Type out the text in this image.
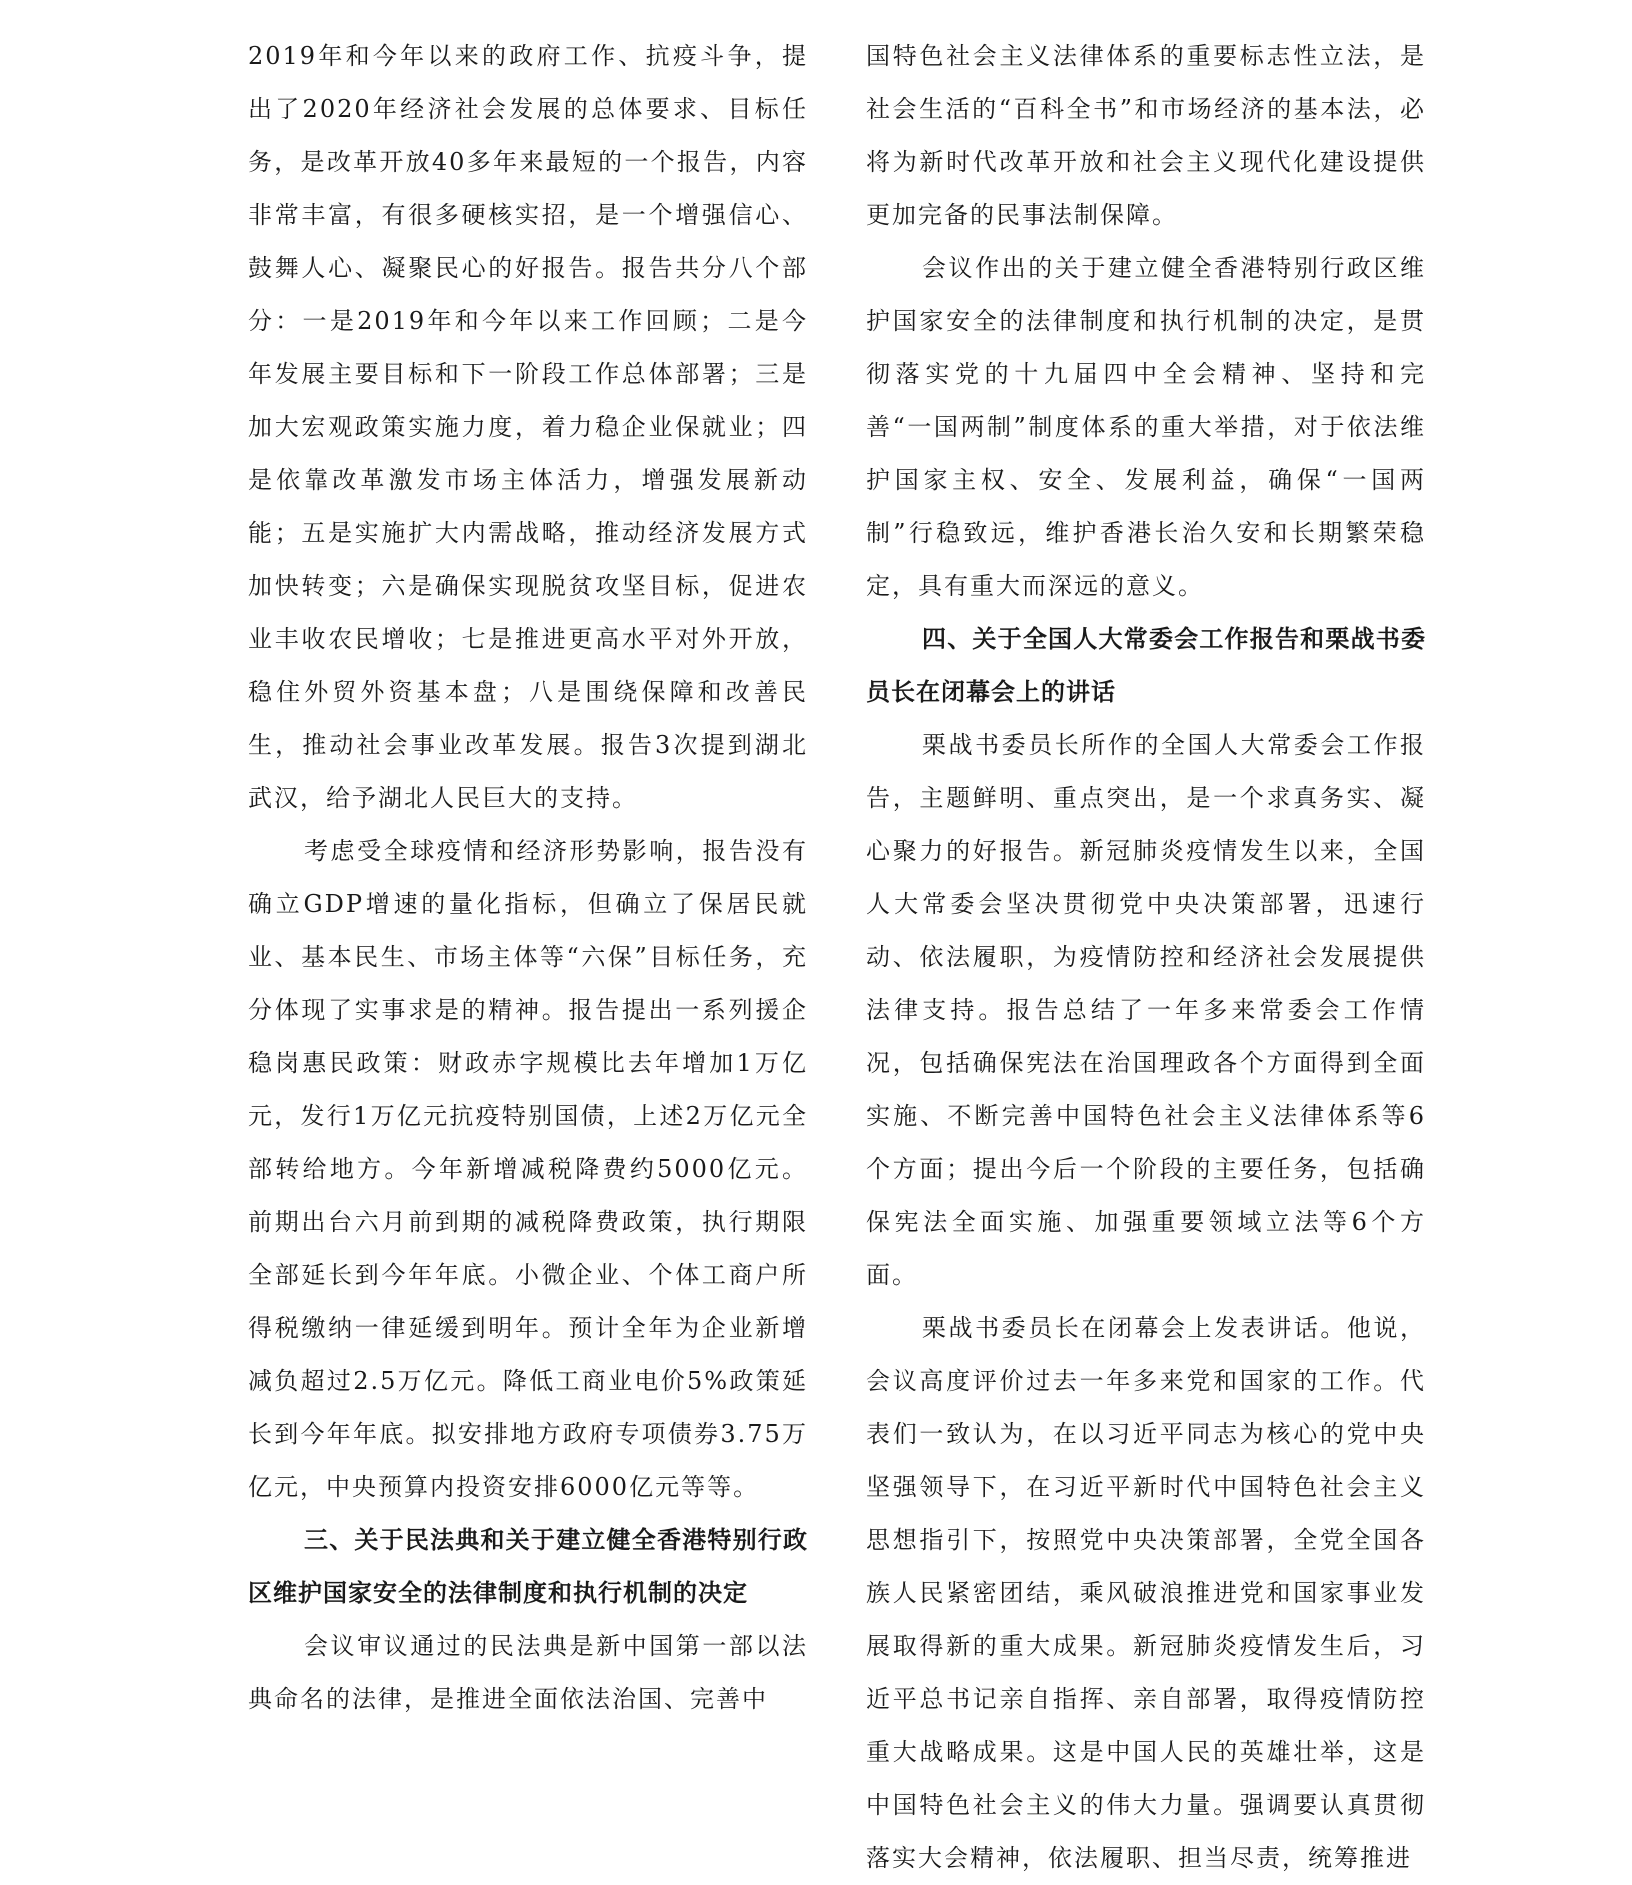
2019年和今年以来的政府工作、抗疫斗争，提出了2020年经济社会发展的总体要求、目标任务，是改革开放40多年来最短的一个报告，内容非常丰富，有很多硬核实招，是一个增强信心、鼓舞人心、凝聚民心的好报告。报告共分八个部分：一是2019年和今年以来工作回顾；二是今年发展主要目标和下一阶段工作总体部署；三是加大宏观政策实施力度，着力稳企业保就业；四是依靠改革激发市场主体活力，增强发展新动能；五是实施扩大内需战略，推动经济发展方式加快转变；六是确保实现脱贫攻坚目标，促进农业丰收农民增收；七是推进更高水平对外开放，稳住外贸外资基本盘；八是围绕保障和改善民生，推动社会事业改革发展。报告3次提到湖北武汉，给予湖北人民巨大的支持。

考虑受全球疫情和经济形势影响，报告没有确立GDP增速的量化指标，但确立了保居民就业、基本民生、市场主体等“六保”目标任务，充分体现了实事求是的精神。报告提出一系列援企稳岗惠民政策：财政赤字规模比去年增加1万亿元，发行1万亿元抗疫特别国债，上述2万亿元全部转给地方。今年新增减税降费约5000亿元。前期出台六月前到期的减税降费政策，执行期限全部延长到今年年底。小微企业、个体工商户所得税缴纳一律延缓到明年。预计全年为企业新增减负超过2.5万亿元。降低工商业电价5%政策延长到今年年底。拟安排地方政府专项债券3.75万亿元，中央预算内投资安排6000亿元等等。

三、关于民法典和关于建立健全香港特别行政区维护国家安全的法律制度和执行机制的决定

会议审议通过的民法典是新中国第一部以法典命名的法律，是推进全面依法治国、完善中

国特色社会主义法律体系的重要标志性立法，是社会生活的“百科全书”和市场经济的基本法，必将为新时代改革开放和社会主义现代化建设提供更加完备的民事法制保障。

会议作出的关于建立健全香港特别行政区维护国家安全的法律制度和执行机制的决定，是贯彻落实党的十九届四中全会精神、坚持和完善“一国两制”制度体系的重大举措，对于依法维护国家主权、安全、发展利益，确保“一国两制”行稳致远，维护香港长治久安和长期繁荣稳定，具有重大而深远的意义。

四、关于全国人大常委会工作报告和栗战书委员长在闭幕会上的讲话

栗战书委员长所作的全国人大常委会工作报告，主题鲜明、重点突出，是一个求真务实、凝心聚力的好报告。新冠肺炎疫情发生以来，全国人大常委会坚决贯彻党中央决策部署，迅速行动、依法履职，为疫情防控和经济社会发展提供法律支持。报告总结了一年多来常委会工作情况，包括确保宪法在治国理政各个方面得到全面实施、不断完善中国特色社会主义法律体系等6个方面；提出今后一个阶段的主要任务，包括确保宪法全面实施、加强重要领域立法等6个方面。

栗战书委员长在闭幕会上发表讲话。他说，会议高度评价过去一年多来党和国家的工作。代表们一致认为，在以习近平同志为核心的党中央坚强领导下，在习近平新时代中国特色社会主义思想指引下，按照党中央决策部署，全党全国各族人民紧密团结，乘风破浪推进党和国家事业发展取得新的重大成果。新冠肺炎疫情发生后，习近平总书记亲自指挥、亲自部署，取得疫情防控重大战略成果。这是中国人民的英雄壮举，这是中国特色社会主义的伟大力量。强调要认真贯彻落实大会精神，依法履职、担当尽责，统筹推进
